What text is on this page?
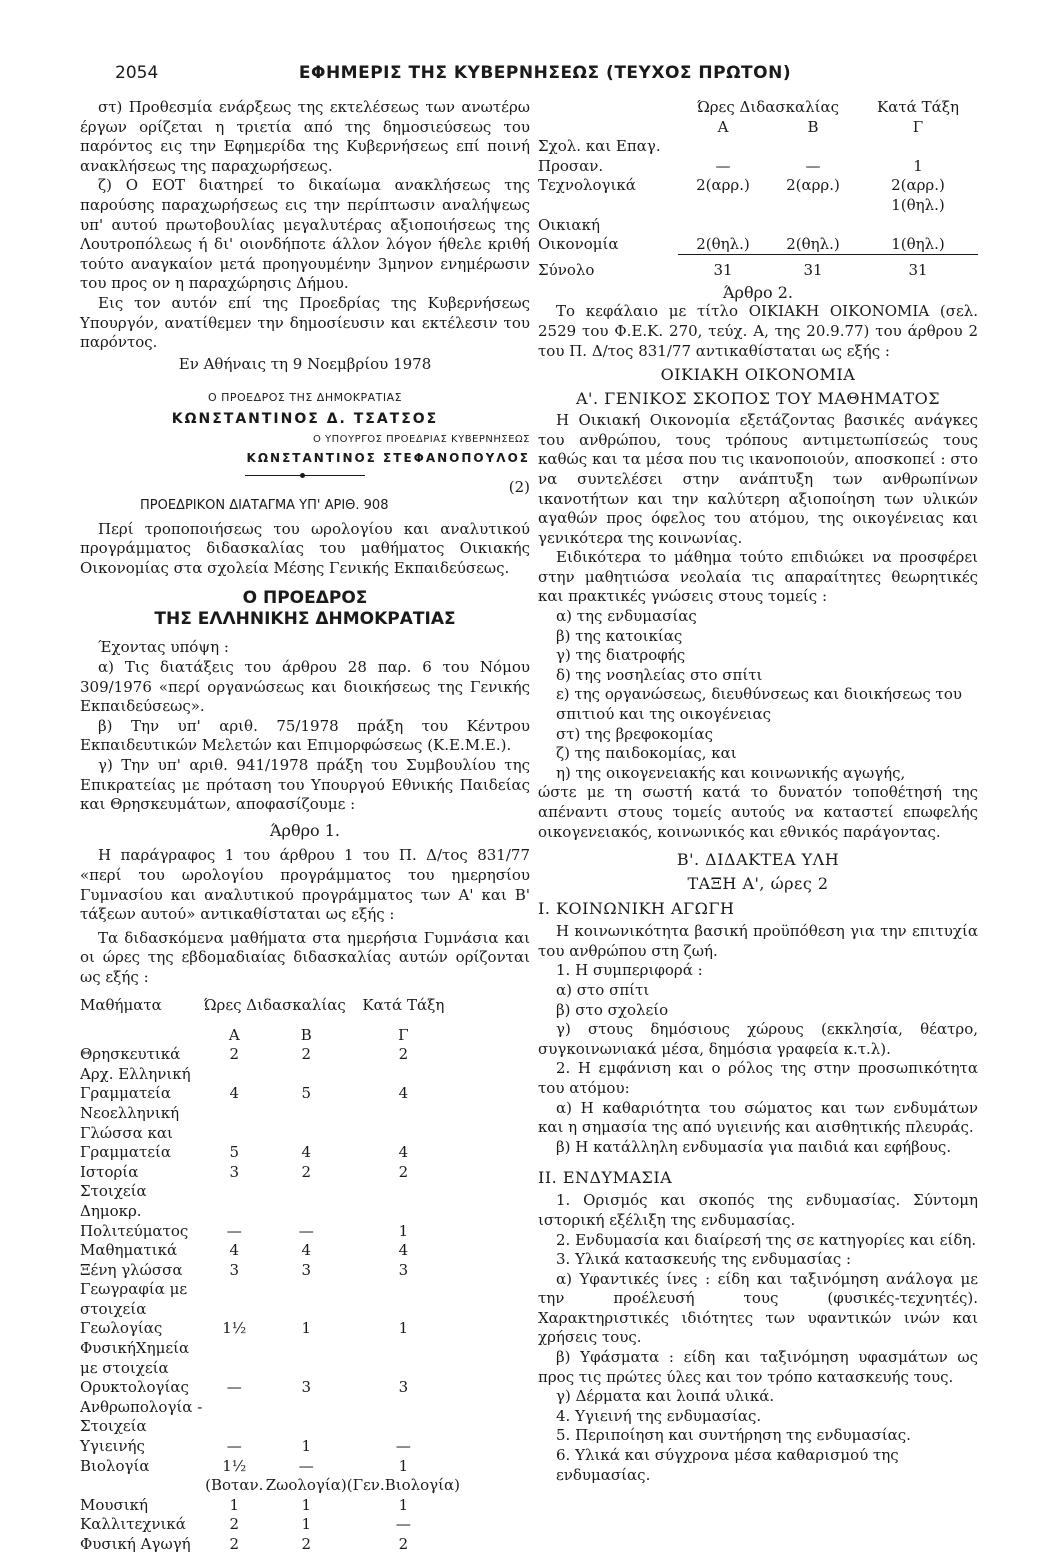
2054	ΕΦΗΜΕΡΙΣ ΤΗΣ ΚΥΒΕΡΝΗΣΕΩΣ (ΤΕΥΧΟΣ ΠΡΩΤΟΝ)

στ) Προθεσμία ενάρξεως της εκτελέσεως των ανωτέρω έργων ορίζεται η τριετία από της δημοσιεύσεως του παρόντος εις την Εφημερίδα της Κυβερνήσεως επί ποινή ανακλήσεως της παραχωρήσεως.

ζ) Ο ΕΟΤ διατηρεί το δικαίωμα ανακλήσεως της παρούσης παραχωρήσεως εις την περίπτωσιν αναλήψεως υπ' αυτού πρωτοβουλίας μεγαλυτέρας αξιοποιήσεως της Λουτροπόλεως ή δι' οιονδήποτε άλλον λόγον ήθελε κριθή τούτο αναγκαίον μετά προηγουμένην 3μηνον ενημέρωσιν του προς ον η παραχώρησις Δήμου.

Εις τον αυτόν επί της Προεδρίας της Κυβερνήσεως Υπουργόν, ανατίθεμεν την δημοσίευσιν και εκτέλεσιν του παρόντος.

Εν Αθήναις τη 9 Νοεμβρίου 1978

Ο ΠΡΟΕΔΡΟΣ ΤΗΣ ΔΗΜΟΚΡΑΤΙΑΣ
ΚΩΝΣΤΑΝΤΙΝΟΣ Δ. ΤΣΑΤΣΟΣ
Ο ΥΠΟΥΡΓΟΣ ΠΡΟΕΔΡΙΑΣ ΚΥΒΕΡΝΗΣΕΩΣ
ΚΩΝΣΤΑΝΤΙΝΟΣ ΣΤΕΦΑΝΟΠΟΥΛΟΣ
(2)
ΠΡΟΕΔΡΙΚΟΝ ΔΙΑΤΑΓΜΑ ΥΠ' ΑΡΙΘ. 908

Περί τροποποιήσεως του ωρολογίου και αναλυτικού προγράμματος διδασκαλίας του μαθήματος Οικιακής Οικονομίας στα σχολεία Μέσης Γενικής Εκπαιδεύσεως.

Ο ΠΡΟΕΔΡΟΣ
ΤΗΣ ΕΛΛΗΝΙΚΗΣ ΔΗΜΟΚΡΑΤΙΑΣ

Έχοντας υπόψη :

α) Τις διατάξεις του άρθρου 28 παρ. 6 του Νόμου 309/1976 «περί οργανώσεως και διοικήσεως της Γενικής Εκπαιδεύσεως».

β) Την υπ' αριθ. 75/1978 πράξη του Κέντρου Εκπαιδευτικών Μελετών και Επιμορφώσεως (Κ.Ε.Μ.Ε.).

γ) Την υπ' αριθ. 941/1978 πράξη του Συμβουλίου της Επικρατείας με πρόταση του Υπουργού Εθνικής Παιδείας και Θρησκευμάτων, αποφασίζουμε :

Άρθρο 1.

Η παράγραφος 1 του άρθρου 1 του Π. Δ/τος 831/77 «περί του ωρολογίου προγράμματος του ημερησίου Γυμνασίου και αναλυτικού προγράμματος των Α' και Β' τάξεων αυτού» αντικαθίσταται ως εξής :

Τα διδασκόμενα μαθήματα στα ημερήσια Γυμνάσια και οι ώρες της εβδομαδιαίας διδασκαλίας αυτών ορίζονται ως εξής :

Μαθήματα	Ώρες Διδασκαλίας		Κατά Τάξη
	Α	Β	Γ
Θρησκευτικά	2	2	2
Αρχ. Ελληνική Γραμματεία	4	5	4
Νεοελληνική Γλώσσα και Γραμματεία	5	4	4
Ιστορία	3	2	2
Στοιχεία Δημοκρ. Πολιτεύματος	—	—	1
Μαθηματικά	4	4	4
Ξένη γλώσσα	3	3	3
Γεωγραφία με στοιχεία Γεωλογίας	1½	1	1
ΦυσικήΧημεία με στοιχεία Ορυκτολογίας	—	3	3
Ανθρωπολογία - Στοιχεία Υγιεινής	—	1	—
Βιολογία	1½	—	1
	(Βοταν.	Ζωολογία)	(Γεν.Βιολογία)
Μουσική	1	1	1
Καλλιτεχνικά	2	1	—
Φυσική Αγωγή	2	2	2
	Ώρες Διδασκαλίας		Κατά Τάξη
	Α	Β	Γ
Σχολ. και Επαγ.			
Προσαν.	—	—	1
Τεχνολογικά	2(αρρ.)	2(αρρ.)	2(αρρ.)
			1(θηλ.)
Οικιακή Οικονομία	2(θηλ.)	2(θηλ.)	1(θηλ.)
Σύνολο	31	31	31

Άρθρο 2.

Το κεφάλαιο με τίτλο ΟΙΚΙΑΚΗ ΟΙΚΟΝΟΜΙΑ (σελ. 2529 του Φ.Ε.Κ. 270, τεύχ. Α, της 20.9.77) του άρθρου 2 του Π. Δ/τος 831/77 αντικαθίσταται ως εξής :

ΟΙΚΙΑΚΗ ΟΙΚΟΝΟΜΙΑ
Α'. ΓΕΝΙΚΟΣ ΣΚΟΠΟΣ ΤΟΥ ΜΑΘΗΜΑΤΟΣ

Η Οικιακή Οικονομία εξετάζοντας βασικές ανάγκες του ανθρώπου, τους τρόπους αντιμετωπίσεώς τους καθώς και τα μέσα που τις ικανοποιούν, αποσκοπεί : στο να συντελέσει στην ανάπτυξη των ανθρωπίνων ικανοτήτων και την καλύτερη αξιοποίηση των υλικών αγαθών προς όφελος του ατόμου, της οικογένειας και γενικότερα της κοινωνίας.

Ειδικότερα το μάθημα τούτο επιδιώκει να προσφέρει στην μαθητιώσα νεολαία τις απαραίτητες θεωρητικές και πρακτικές γνώσεις στους τομείς :

α) της ενδυμασίας

β) της κατοικίας

γ) της διατροφής

δ) της νοσηλείας στο σπίτι

ε) της οργανώσεως, διευθύνσεως και διοικήσεως του σπιτιού και της οικογένειας

στ) της βρεφοκομίας

ζ) της παιδοκομίας, και

η) της οικογενειακής και κοινωνικής αγωγής,

ώστε με τη σωστή κατά το δυνατόν τοποθέτησή της απέναντι στους τομείς αυτούς να καταστεί επωφελής οικογενειακός, κοινωνικός και εθνικός παράγοντας.

Β'. ΔΙΔΑΚΤΕΑ ΥΛΗ
ΤΑΞΗ Α', ώρες 2
Ι. ΚΟΙΝΩΝΙΚΗ ΑΓΩΓΗ

Η κοινωνικότητα βασική προϋπόθεση για την επιτυχία του ανθρώπου στη ζωή.

1. Η συμπεριφορά :

α) στο σπίτι

β) στο σχολείο

γ) στους δημόσιους χώρους (εκκλησία, θέατρο, συγκοινωνιακά μέσα, δημόσια γραφεία κ.τ.λ).

2. Η εμφάνιση και ο ρόλος της στην προσωπικότητα του ατόμου:

α) Η καθαριότητα του σώματος και των ενδυμάτων και η σημασία της από υγιεινής και αισθητικής πλευράς.

β) Η κατάλληλη ενδυμασία για παιδιά και εφήβους.

ΙΙ. ΕΝΔΥΜΑΣΙΑ

1. Ορισμός και σκοπός της ενδυμασίας. Σύντομη ιστορική εξέλιξη της ενδυμασίας.

2. Ενδυμασία και διαίρεσή της σε κατηγορίες και είδη.

3. Υλικά κατασκευής της ενδυμασίας :

α) Υφαντικές ίνες : είδη και ταξινόμηση ανάλογα με την προέλευσή τους (φυσικές-τεχνητές). Χαρακτηριστικές ιδιότητες των υφαντικών ινών και χρήσεις τους.

β) Υφάσματα : είδη και ταξινόμηση υφασμάτων ως προς τις πρώτες ύλες και τον τρόπο κατασκευής τους.

γ) Δέρματα και λοιπά υλικά.

4. Υγιεινή της ενδυμασίας.

5. Περιποίηση και συντήρηση της ενδυμασίας.

6. Υλικά και σύγχρονα μέσα καθαρισμού της ενδυμασίας.
